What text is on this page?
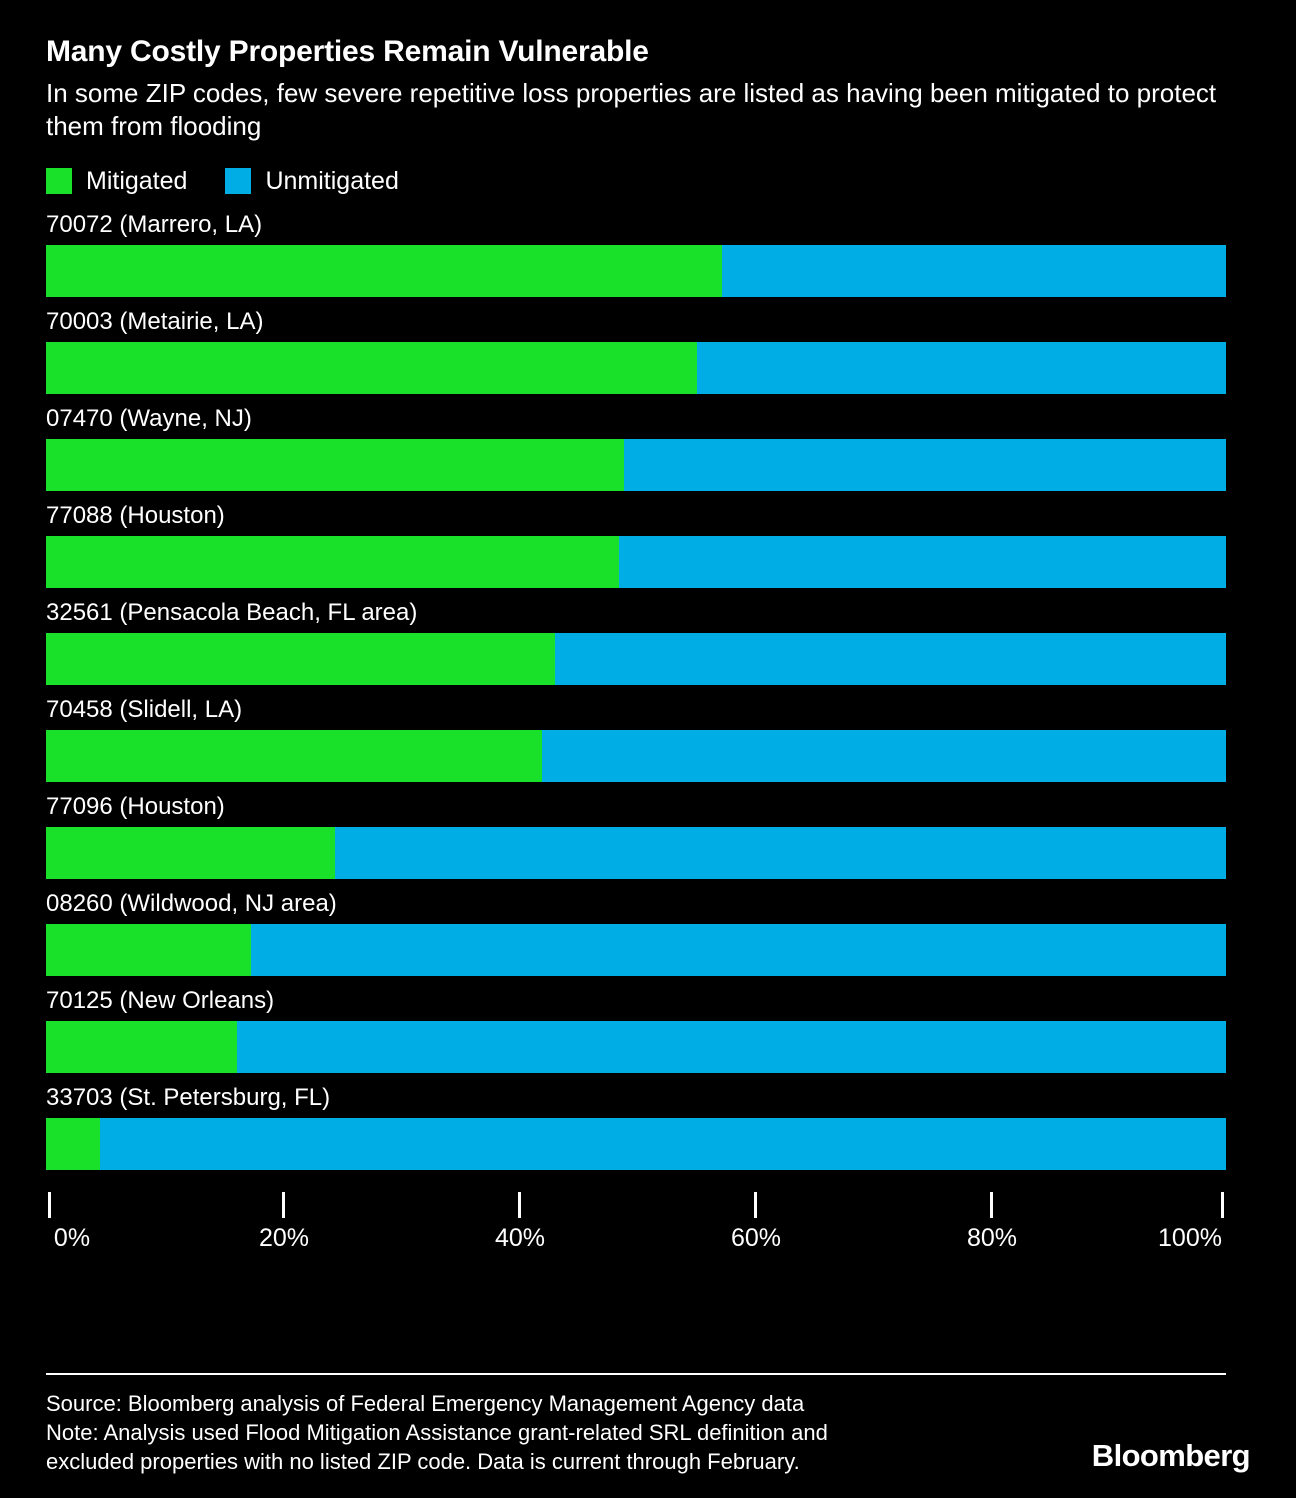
Many Costly Properties Remain Vulnerable

In some ZIP codes, few severe repetitive loss properties are listed as having been mitigated to protect them from flooding

Mitigated	Unmitigated
70072 (Marrero, LA)
70003 (Metairie, LA)
07470 (Wayne, NJ)
77088 (Houston)
32561 (Pensacola Beach, FL area)
70458 (Slidell, LA)
77096 (Houston)
08260 (Wildwood, NJ area)
70125 (New Orleans)
33703 (St. Petersburg, FL)
0%	20%	40%	60%	80%	100%
Source: Bloomberg analysis of Federal Emergency Management Agency data
Note: Analysis used Flood Mitigation Assistance grant-related SRL definition and
excluded properties with no listed ZIP code. Data is current through February.	Bloomberg
